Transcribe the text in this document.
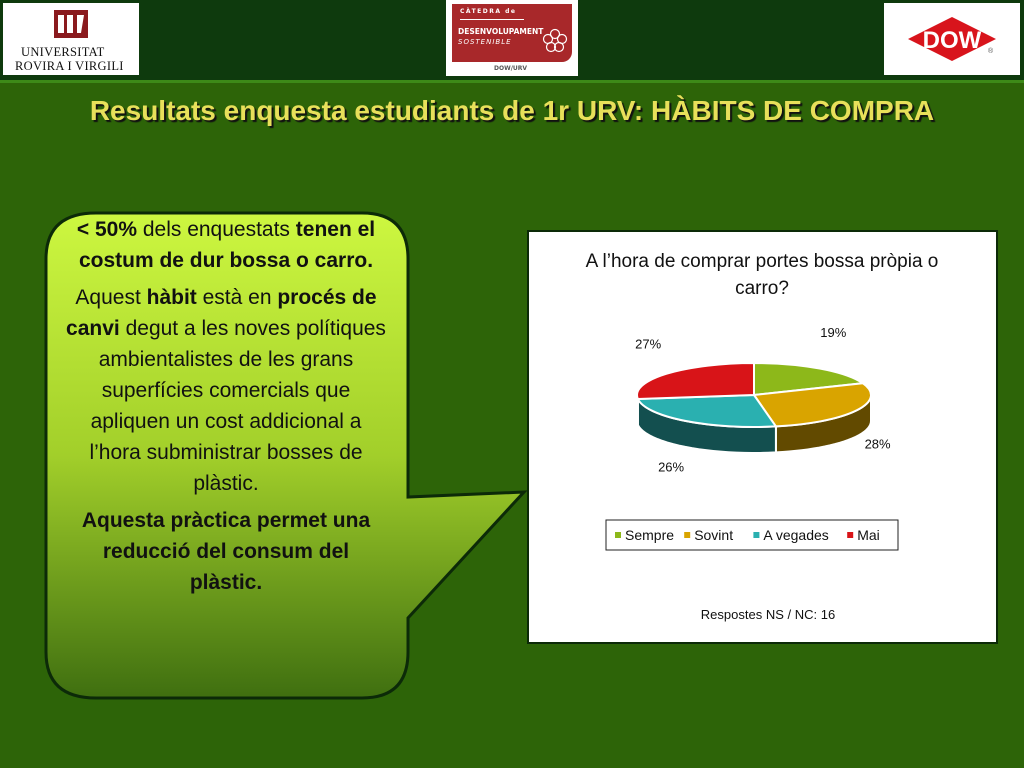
UNIVERSITAT
ROVIRA I VIRGILI
CÀTEDRA de
DESENVOLUPAMENT
SOSTENIBLE
DOW/URV
DOW ®
Resultats enquesta estudiants de 1r URV: HÀBITS DE COMPRA

< 50% dels enquestats tenen el costum de dur bossa o carro.

Aquest hàbit està en procés de canvi degut a les noves polítiques ambientalistes de les grans superfícies comercials que apliquen un cost addicional a l’hora subministrar bosses de plàstic.

Aquesta pràctica permet una reducció del consum del plàstic.

A l’hora de comprar portes bossa pròpia o
carro?
19%
28%
26%
27%
Sempre Sovint A vegades Mai
Respostes NS / NC: 16
